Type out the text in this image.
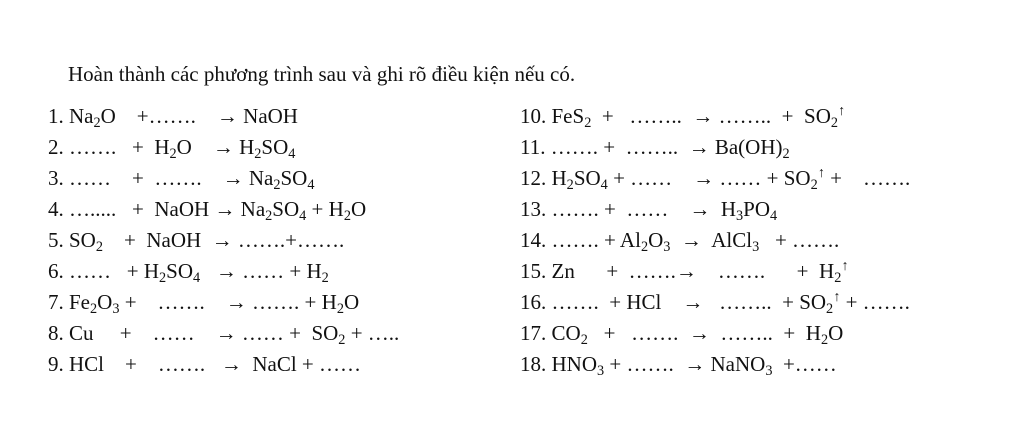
Hoàn thành các phương trình sau và ghi rõ điều kiện nếu có.
1. $Na_2O$    +…….    → NaOH
2. …….   +  $H_2O$    → $H_2SO_4$
3. ……    +  …….    → $Na_2SO_4$
4. ….....   +  NaOH → $Na_2SO_4 + H_2O$
5. $SO_2$    +  NaOH  → …….+…….
6. ……   + $H_2SO_4$   → …… + $H_2$
7. $Fe_2O_3$ +    …….    → ……. + $H_2O$
8. Cu     +    ……    → …… +  $SO_2$ + …..
9. HCl    +    …….   →  NaCl + ……
10. FeS$_2$  +   ……..  → ……..  +  $SO_2^↑$
11. ……. +  ……..  → $Ba(OH)_2$
12. $H_2SO_4$ + ……    → …… + $SO_2^↑$ +    …….
13. ……. +  ……    →  $H_3PO_4$
14. ……. + $Al_2O_3$  →  AlCl$_3$   + …….
15. Zn      +  …….→    …….      +  $H_2^↑$
16. …….  + HCl    →   ……..  + $SO_2^↑$ + …….
17. $CO_2$   +   …….  →  ……..  +  $H_2O$
18. $HNO_3$ + …….  → NaNO$_3$  +……
